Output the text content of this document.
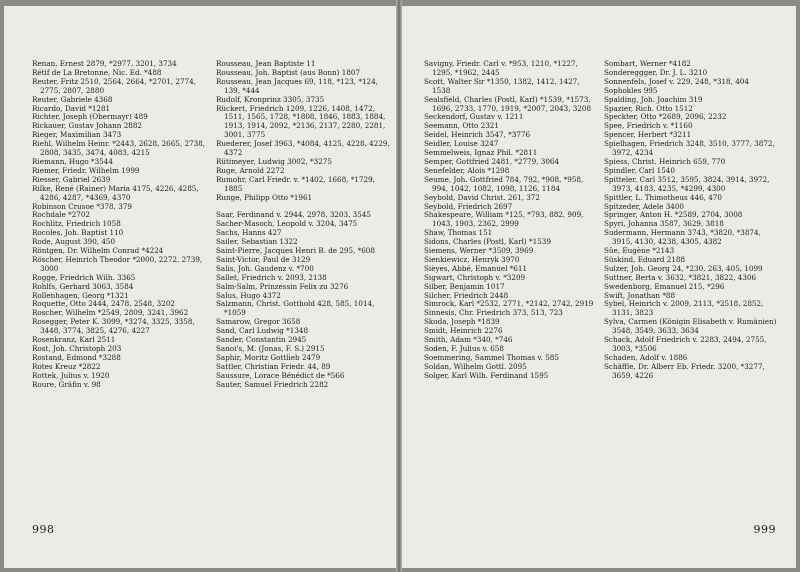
Renan, Ernest 2879, *2977, 3201, 3734

Rétif de La Bretonne, Nic. Ed. *488

Reuter, Fritz 2510, 2564, 2664, *2701, 2774, 2775, 2807, 2880

Reuter, Gabriele 4368

Ricardo, David *1281

Richter, Joseph (Obermayr) 489

Rickauer, Gustav Johann 2882

Rieger, Maximilian 3473

Riehl, Wilhelm Heinr. *2443, 2628, 2665, 2738, 2808, 3435, 3474, 4083, 4215

Riemann, Hugo *3544

Riemer, Friedr. Wilhelm 1999

Riesser, Gabriel 2639

Rilke, René (Rainer) Maria 4175, 4226, 4285, 4286, 4287, *4369, 4370

Robinson Crusoe *378, 379

Rochdale *2702

Rochlitz, Friedrich 1058

Rocoles, Joh. Baptist 110

Rode, August 390, 450

Röntgen, Dr. Wilhelm Conrad *4224

Röscher, Heinrich Theodor *2000, 2272, 2739, 3000

Rogge, Friedrich Wilh. 3365

Rohlfs, Gerhard 3063, 3584

Rollenhagen, Georg *1321

Roquette, Otto 2444, 2478, 2548, 3202

Roscher, Wilhelm *2549, 2809, 3241, 3962

Rosegger, Peter K. 3099, *3274, 3325, 3358, 3448, 3774, 3825, 4276, 4227

Rosenkranz, Karl 2511

Rost, Joh. Christoph 203

Rostand, Edmond *3288

Rotes Kreuz *2822

Rottek, Julius v. 1920

Roure, Gräfin v. 98

Rousseau, Jean Baptiste 11

Rousseau, Joh. Baptist (aus Bonn) 1807

Rousseau, Jean Jacques 69, 118, *123, *124, 139, *444

Rudolf, Kronprinz 3305, 3735

Rückert, Friedrich 1209, 1226, 1408, 1472, 1511, 1565, 1728, *1808, 1846, 1883, 1884, 1913, 1914, 2092, *2136, 2137, 2280, 2281, 3001, 3775

Ruederer, Josef 3963, *4084, 4125, 4228, 4229, 4372

Rütimeyer, Ludwig 3002, *3275

Ruge, Arnold 2272

Rumohr, Carl Friedr. v. *1402, 1668, *1729, 1885

Runge, Philipp Otto *1961

Saar, Ferdinand v. 2944, 2978, 3203, 3545

Sacher-Masoch, Leopold v. 3204, 3475

Sachs, Hanns 427

Sailer, Sebastian 1322

Saint-Pierre, Jacques Henri B. de 295, *608

Saint-Victor, Paul de 3129

Salis, Joh. Gaudenz v. *700

Sallet, Friedrich v. 2093, 2138

Salm-Salm, Prinzessin Felix zu 3276

Salus, Hugo 4372

Salzmann, Christ. Gotthold 428, 585, 1014, *1059

Samarow, Gregor 3658

Sand, Carl Ludwig *1348

Sander, Constantin 2945

Sanoi's, M. (Jonas, F. S.) 2915

Saphir, Moritz Gottlieb 2479

Sattler, Christian Friedr. 44, 89

Saussure, Lorace Bénédict de *566

Sauter, Samuel Friedrich 2282

998

Savigny, Friedr. Carl v. *953, 1210, *1227, 1295, *1962, 2445

Scott, Walter Sir *1350, 1382, 1412, 1427, 1538

Sealsfield, Charles (Postl, Karl) *1539, *1573, 1696, 2733, 1770, 1919, *2007, 2043, 3208

Seckendorf, Gustav v. 1211

Seemann, Otto 2321

Seidel, Heinrich 3547, *3776

Seidler, Louise 3247

Semmelweis, Ignaz Phil. *2811

Semper, Gottfried 2481, *2779, 3064

Senefelder, Alois *1298

Seume, Joh. Gottfried 784, 792, *908, *958, 994, 1042, 1082, 1098, 1126, 1184

Seybold, David Christ. 261, 372

Seybold, Friedrich 2697

Shakespeare, William *125, *793, 882, 909, 1043, 1903, 2362, 2999

Shaw, Thomas 151

Sidons, Charles (Postl, Karl) *1539

Siemens, Werner *3509, 3969

Sienkiewicz, Henryk 3970

Sièyes, Abbé, Emanuel *611

Sigwart, Christoph v. *3209

Silber, Benjamin 1017

Silcher, Friedrich 2448

Simrock, Karl *2532, 2771, *2142, 2742, 2919

Sinnesis, Chr. Friedrich 373, 513, 723

Skoda, Joseph *1839

Smidt, Heinrich 2276

Smith, Adam *340, *746

Soden, F. Julius v. 658

Soemmering, Sammel Thomas v. 585

Soldan, Wilhelm Gottl. 2095

Solger, Karl Wilh. Ferdinand 1595

Sombart, Werner *4182

Sondereggger, Dr. J. L. 3210

Sonnenfels, Josef v. 229, 248, *318, 404

Sophokles 995

Spalding, Joh. Joachim 319

Spazier, Rich. Otto 1512

Speckter, Otto *2689, 2096, 2232

Spee, Friedrich v. *1160

Spencer, Herbert *3211

Spielhagen, Friedrich 3248, 3510, 3777, 3872, 3972, 4234

Spiess, Christ. Heinrich 659, 770

Spindler, Carl 1540

Spitteler, Carl 3512, 3595, 3824, 3914, 3972, 3973, 4183, 4235, *4299, 4300

Spittler, L. Thimotheus 446, 470

Spitzeder, Adele 3400

Springer, Anton H. *2589, 2704, 3008

Spyri, Johanna 3587, 3629, 3818

Sudermann, Hermann 3743, *3820, *3874, 3915, 4130, 4238, 4305, 4382

Sûe, Eugène *2143

Süskind, Eduard 2188

Sulzer, Joh. Georg 24, *230, 263, 405, 1099

Suttner, Berta v. 3632, *3821, 3822, 4306

Swedenborg, Emanuel 215, *296

Swift, Jonathan *88

Sybel, Heinrich v. 2009, 2113, *2518, 2852, 3131, 3823

Sylva, Carmen (Königin Elisabeth v. Rumänien) 3548, 3549, 3633, 3634

Schack, Adolf Friedrich v. 2283, 2494, 2755, 3003, *3506

Schaden, Adolf v. 1886

Schäffle, Dr. Alberr Eb. Friedr. 3200, *3277, 3659, 4226

999
